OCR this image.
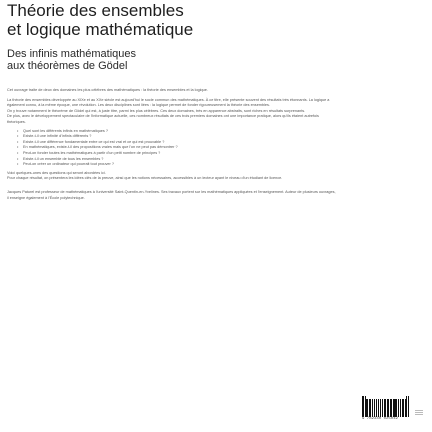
Théorie des ensembles
et logique mathématique

Des infinis mathématiques

aux théorèmes de Gödel

Cet ouvrage traite de deux des domaines les plus célèbres des mathématiques : la théorie des ensembles et la logique.

La théorie des ensembles développée au XIXe et au XXe siècle est aujourd'hui le socle commun des mathématiques. À ce titre, elle présente souvent des résultats très étonnants. La logique a également connu, à la même époque, une révolution. Les deux disciplines sont liées : la logique permet de fonder rigoureusement la théorie des ensembles.

On y trouve notamment le théorème de Gödel qui est, à juste titre, parmi les plus célèbres. Ces deux domaines, très en apparence abstraits, sont riches en résultats surprenants.

De plus, avec le développement spectaculaire de l'informatique actuelle, ces nombreux résultats de ces trois premiers domaines ont une importance pratique, alors qu'ils étaient autrefois théoriques.

• Quel sont les différents infinis en mathématiques ?
• Existe-t-il une infinité d'infinis différents ?
• Existe-t-il une différence fondamentale entre ce qui est vrai et ce qui est prouvable ?
• En mathématiques, existe-t-il des propositions vraies mais que l'on ne peut pas démontrer ?
• Peut-on fonder toutes les mathématiques à partir d'un petit nombre de principes ?
• Existe-t-il un ensemble de tous les ensembles ?
• Peut-on créer un ordinateur qui pourrait tout prouver ?

Voici quelques-unes des questions qui seront abordées ici.

Pour chaque résultat, on présentera les idées clés de la preuve, ainsi que les notions nécessaires, accessibles à un lecteur ayant le niveau d'un étudiant de licence.

Jacques Paturel est professeur de mathématiques à l'université Saint-Quentin-en-Yvelines. Ses travaux portent sur les mathématiques appliquées et l'enseignement. Auteur de plusieurs ouvrages, il enseigne également à l'École polytechnique.

9 782340 025042
